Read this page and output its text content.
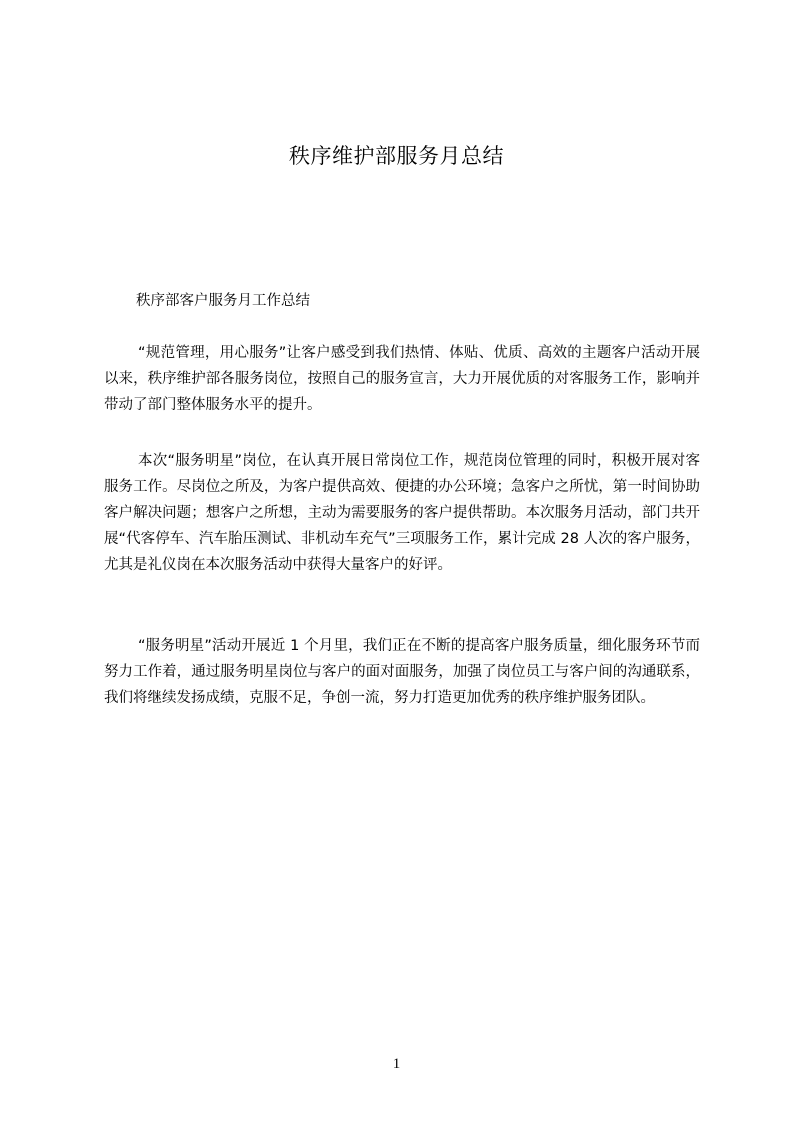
秩序维护部服务月总结
秩序部客户服务月工作总结

“规范管理，用心服务”让客户感受到我们热情、体贴、优质、高效的主题客户活动开展以来，秩序维护部各服务岗位，按照自己的服务宣言，大力开展优质的对客服务工作，影响并带动了部门整体服务水平的提升。

本次“服务明星”岗位，在认真开展日常岗位工作，规范岗位管理的同时，积极开展对客服务工作。尽岗位之所及，为客户提供高效、便捷的办公环境；急客户之所忧，第一时间协助客户解决问题；想客户之所想，主动为需要服务的客户提供帮助。本次服务月活动，部门共开展“代客停车、汽车胎压测试、非机动车充气”三项服务工作，累计完成 28 人次的客户服务，尤其是礼仪岗在本次服务活动中获得大量客户的好评。

“服务明星”活动开展近 1 个月里，我们正在不断的提高客户服务质量，细化服务环节而努力工作着，通过服务明星岗位与客户的面对面服务，加强了岗位员工与客户间的沟通联系，我们将继续发扬成绩，克服不足，争创一流，努力打造更加优秀的秩序维护服务团队。

1
